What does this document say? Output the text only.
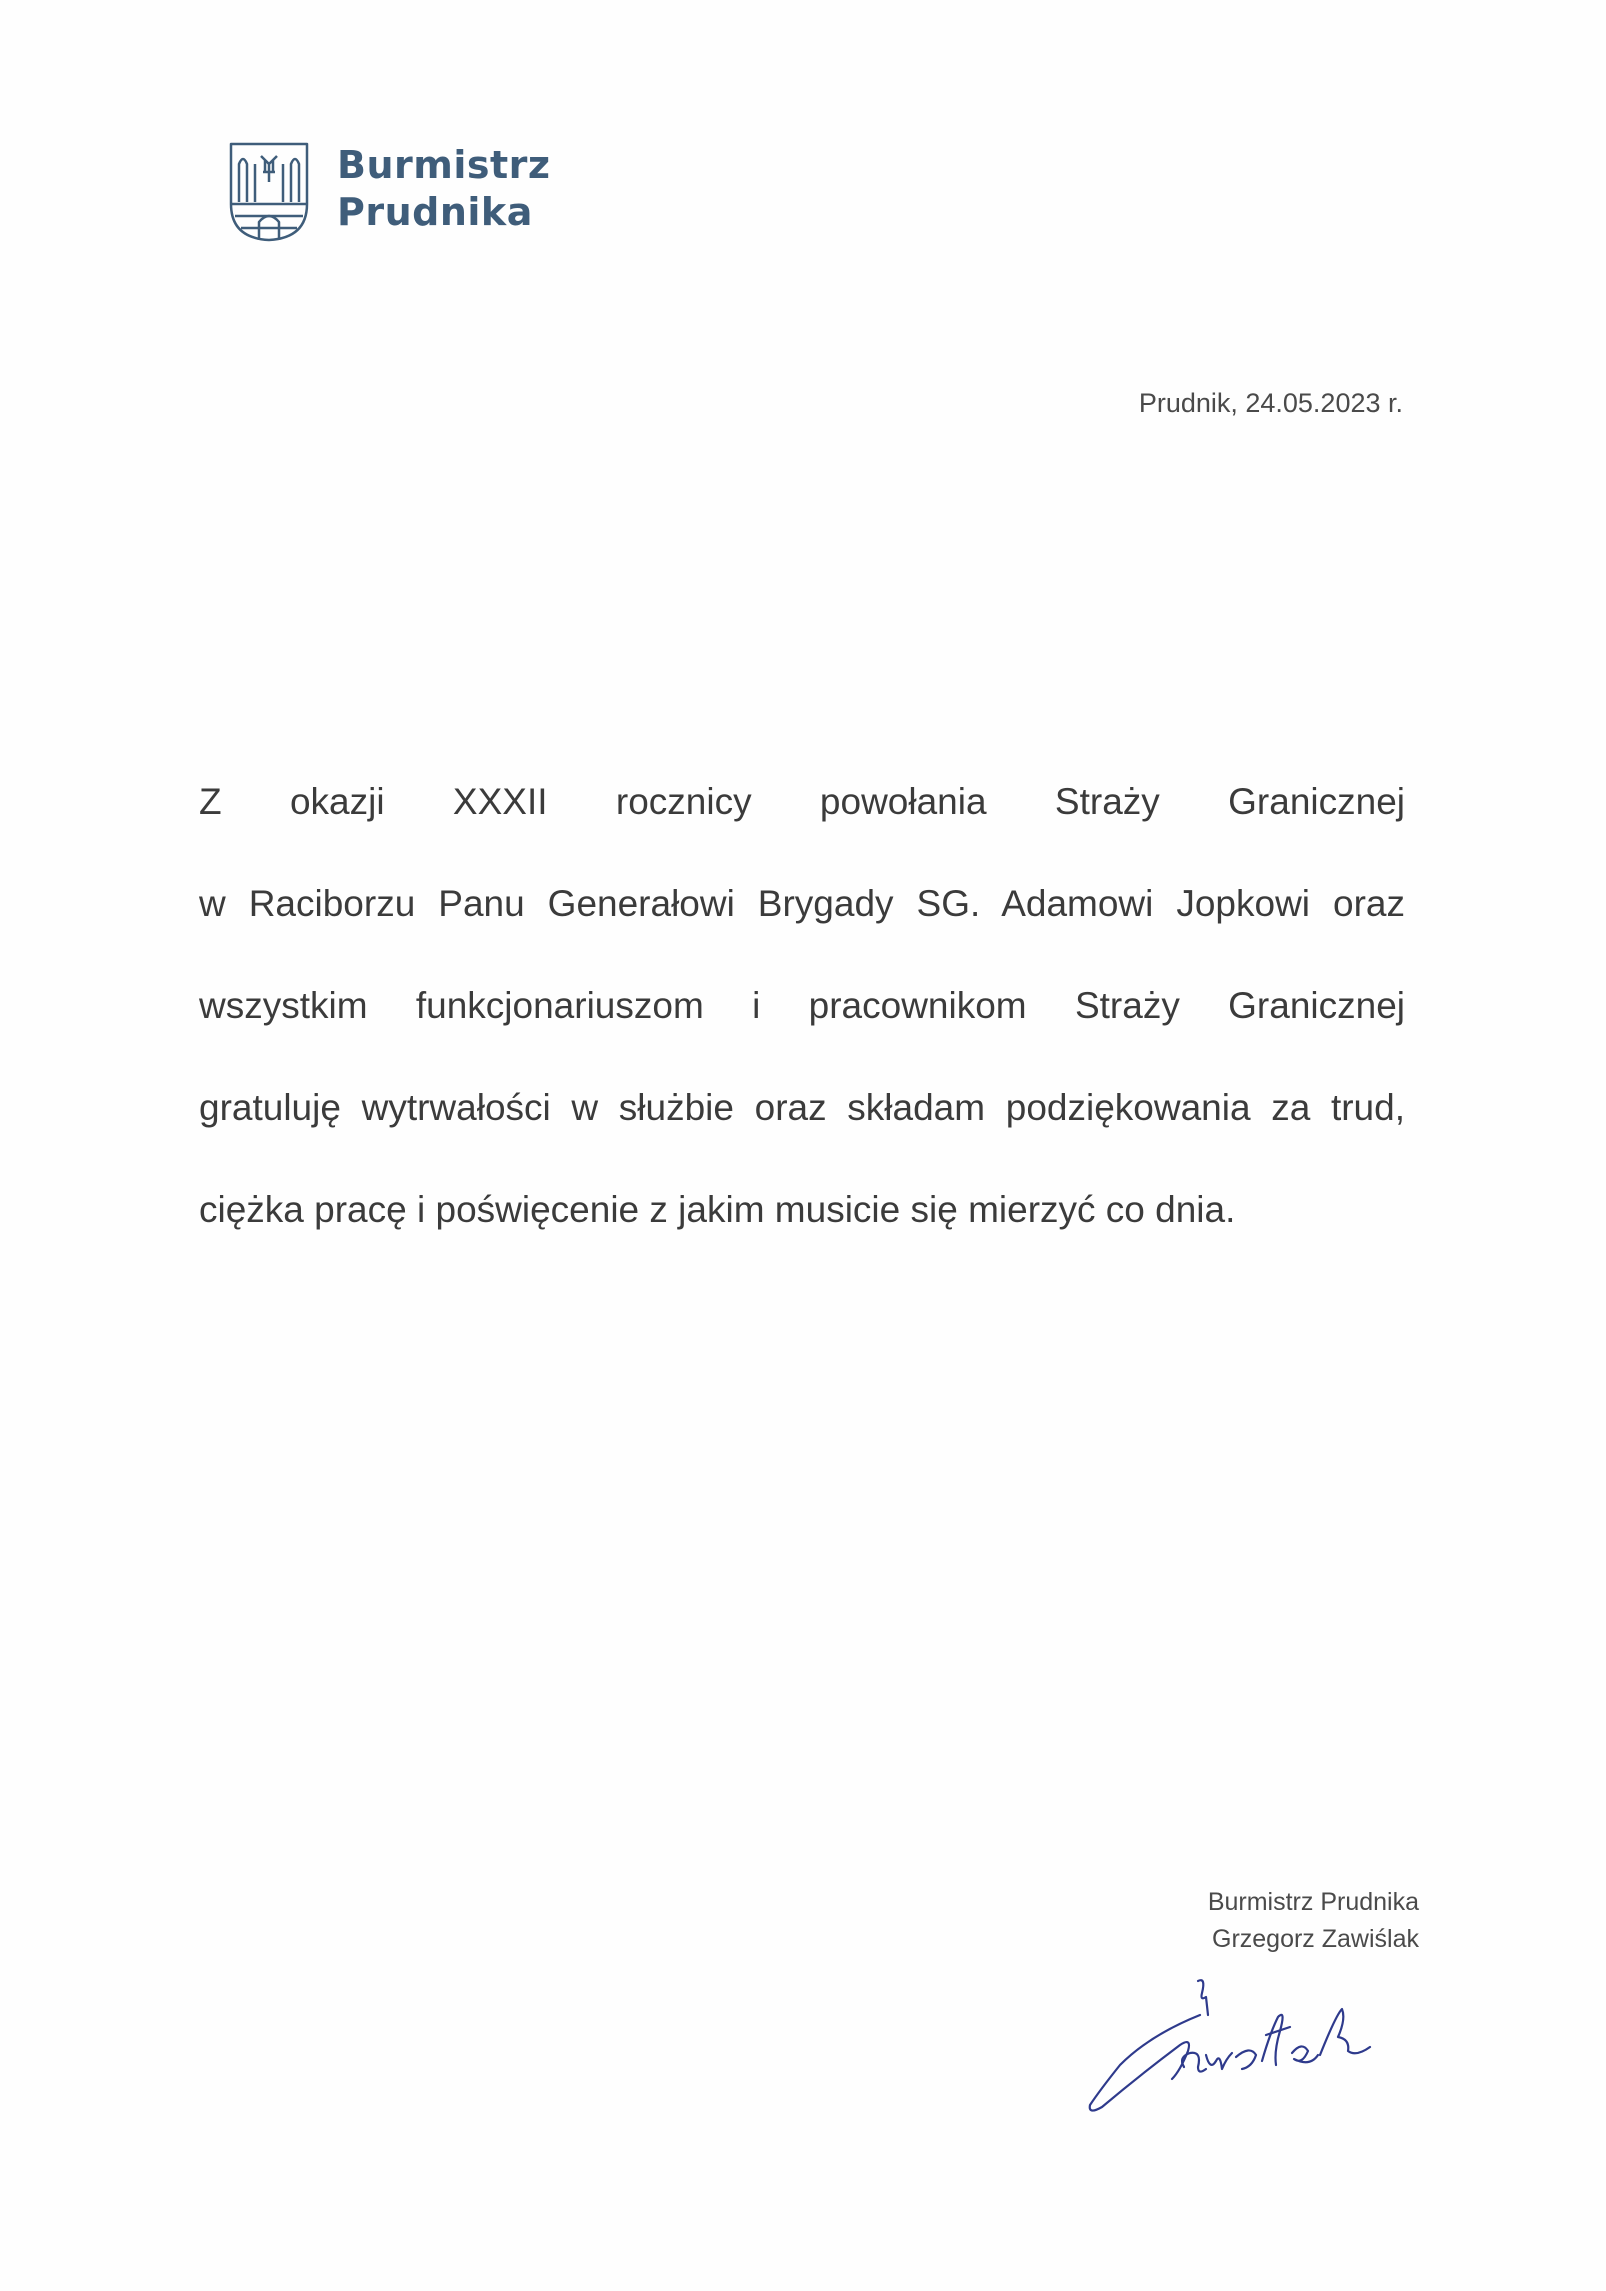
Burmistrz
Prudnika
Prudnik, 24.05.2023 r.
Z okazji XXXII rocznicy powołania Straży Granicznej
w Raciborzu Panu Generałowi Brygady SG. Adamowi Jopkowi oraz
wszystkim funkcjonariuszom i pracownikom Straży Granicznej
gratuluję wytrwałości w służbie oraz składam podziękowania za trud,
ciężka pracę i poświęcenie z jakim musicie się mierzyć co dnia.
Burmistrz Prudnika
Grzegorz Zawiślak
